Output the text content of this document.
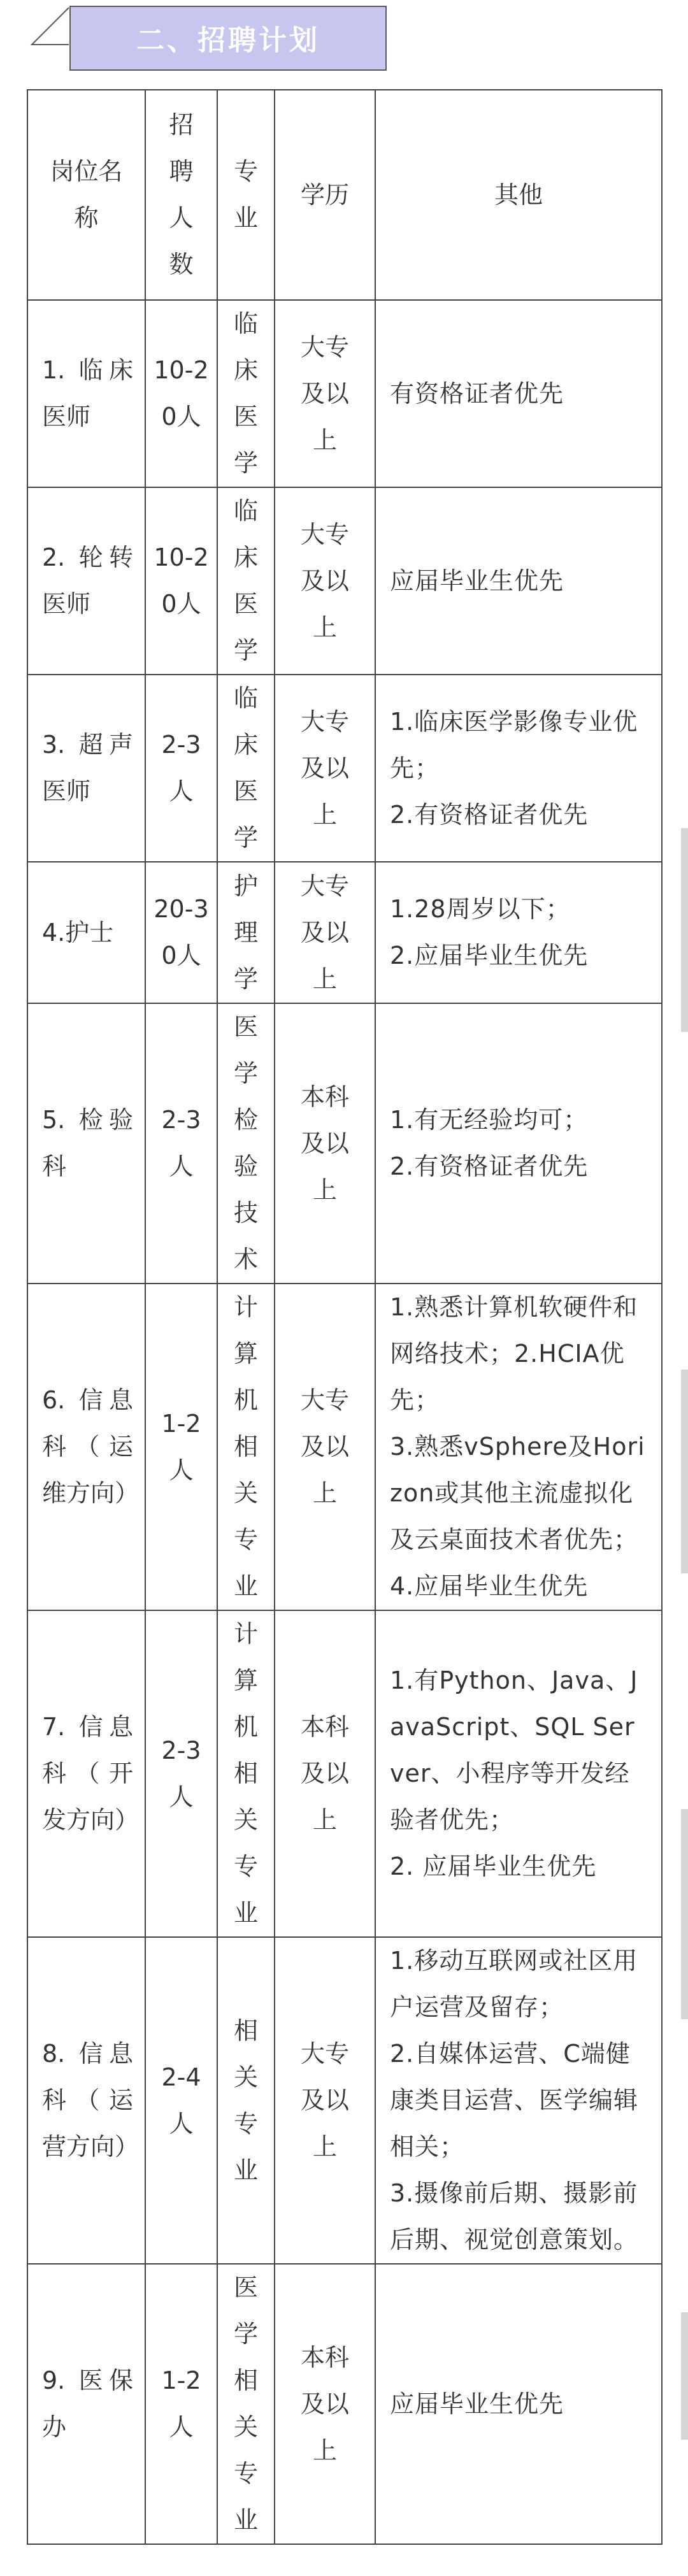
二、招聘计划
岗位名称	招聘人数	专业	学历	其他
1. 临床医师	10-20人	临床医学	大专及以上	有资格证者优先

2. 轮转医师	10-20人	临床医学	大专及以上	应届毕业生优先

3. 超声医师	2-3人	临床医学	大专及以上	1.临床医学影像专业优先；
2.有资格证者优先

4.护士	20-30人	护理学	大专及以上	1.28周岁以下；
2.应届毕业生优先

5. 检验科	2-3人	医学检验技术	本科及以上	1.有无经验均可；
2.有资格证者优先

6. 信息科（运维方向）	1-2人	计算机相关专业	大专及以上	1.熟悉计算机软硬件和网络技术；2.HCIA优先；
3.熟悉vSphere及Horizon或其他主流虚拟化及云桌面技术者优先；
4.应届毕业生优先

7. 信息科（开发方向）	2-3人	计算机相关专业	本科及以上	1.有Python、Java、JavaScript、SQL Server、小程序等开发经验者优先；
2. 应届毕业生优先

8. 信息科（运营方向）	2-4人	相关专业	大专及以上	1.移动互联网或社区用户运营及留存；
2.自媒体运营、C端健康类目运营、医学编辑相关；
3.摄像前后期、摄影前后期、视觉创意策划。

9. 医保办	1-2人	医学相关专业	本科及以上	应届毕业生优先
